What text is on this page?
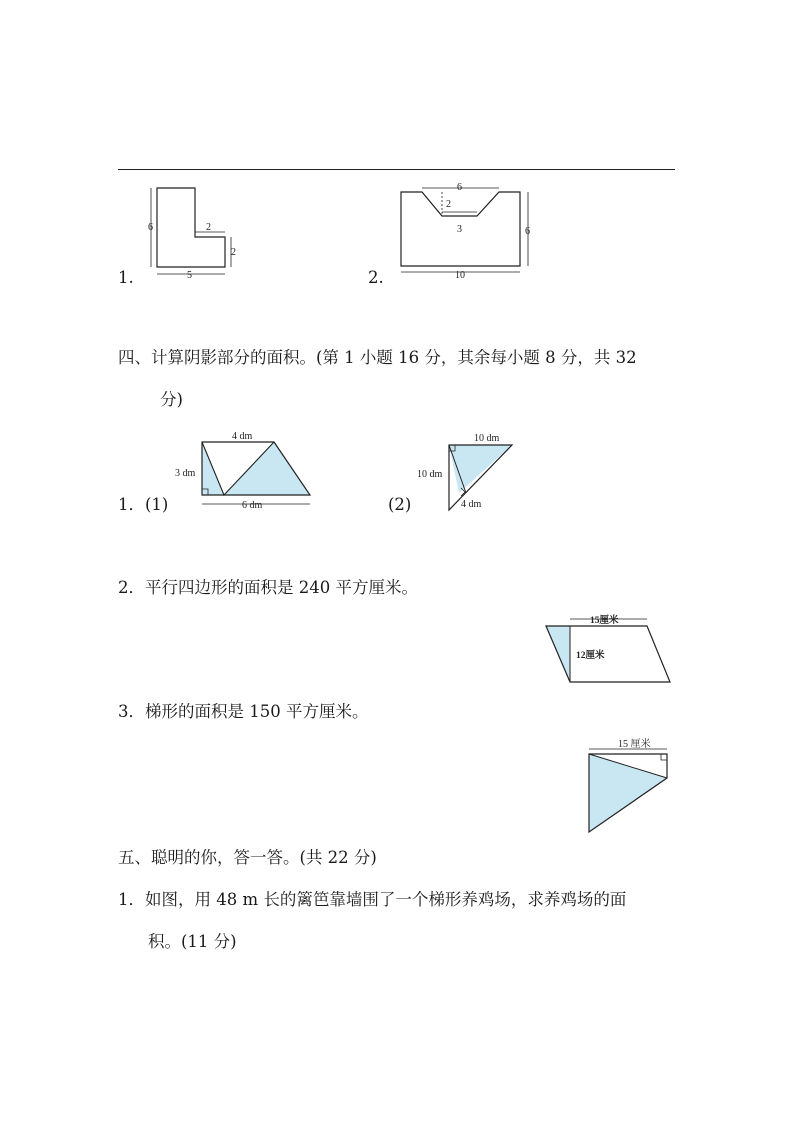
1.
6	2
2
5	2.
6
2
3	6
10
四、计算阴影部分的面积。(第 1 小题 16 分，其余每小题 8 分，共 32
分)
1．(1)
4 dm
3 dm
6 dm	(2)
10 dm
10 dm
4 dm
2．平行四边形的面积是 240 平方厘米。
15厘米
12厘米
3．梯形的面积是 150 平方厘米。
15 厘米
五、聪明的你，答一答。(共 22 分)
1．如图，用 48 m 长的篱笆靠墙围了一个梯形养鸡场，求养鸡场的面
积。(11 分)
